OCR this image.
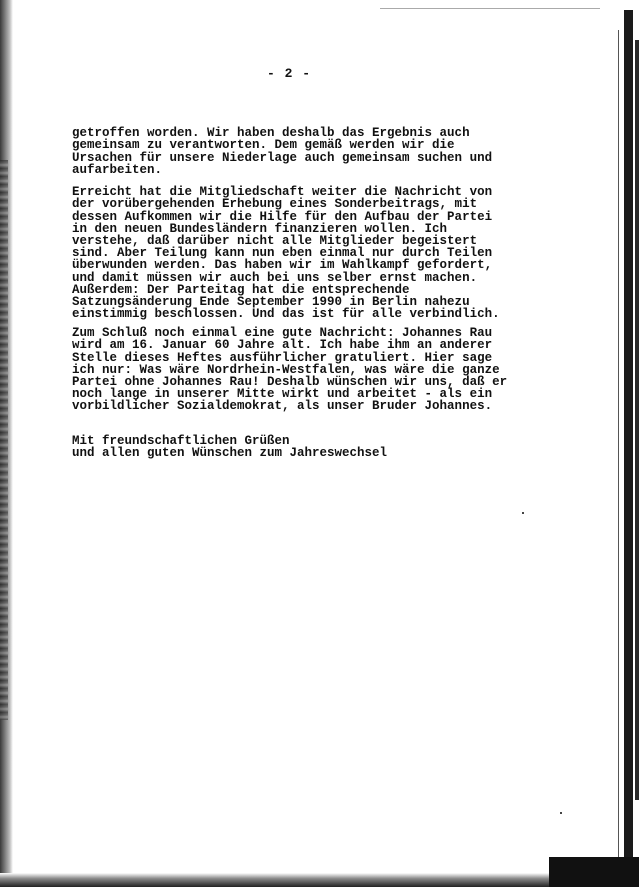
- 2 -

getroffen worden. Wir haben deshalb das Ergebnis auch
gemeinsam zu verantworten. Dem gemäß werden wir die
Ursachen für unsere Niederlage auch gemeinsam suchen und
aufarbeiten.

Erreicht hat die Mitgliedschaft weiter die Nachricht von
der vorübergehenden Erhebung eines Sonderbeitrags, mit
dessen Aufkommen wir die Hilfe für den Aufbau der Partei
in den neuen Bundesländern finanzieren wollen. Ich
verstehe, daß darüber nicht alle Mitglieder begeistert
sind. Aber Teilung kann nun eben einmal nur durch Teilen
überwunden werden. Das haben wir im Wahlkampf gefordert,
und damit müssen wir auch bei uns selber ernst machen.
Außerdem: Der Parteitag hat die entsprechende
Satzungsänderung Ende September 1990 in Berlin nahezu
einstimmig beschlossen. Und das ist für alle verbindlich.

Zum Schluß noch einmal eine gute Nachricht: Johannes Rau
wird am 16. Januar 60 Jahre alt. Ich habe ihm an anderer
Stelle dieses Heftes ausführlicher gratuliert. Hier sage
ich nur: Was wäre Nordrhein-Westfalen, was wäre die ganze
Partei ohne Johannes Rau! Deshalb wünschen wir uns, daß er
noch lange in unserer Mitte wirkt und arbeitet - als ein
vorbildlicher Sozialdemokrat, als unser Bruder Johannes.

Mit freundschaftlichen Grüßen
und allen guten Wünschen zum Jahreswechsel
